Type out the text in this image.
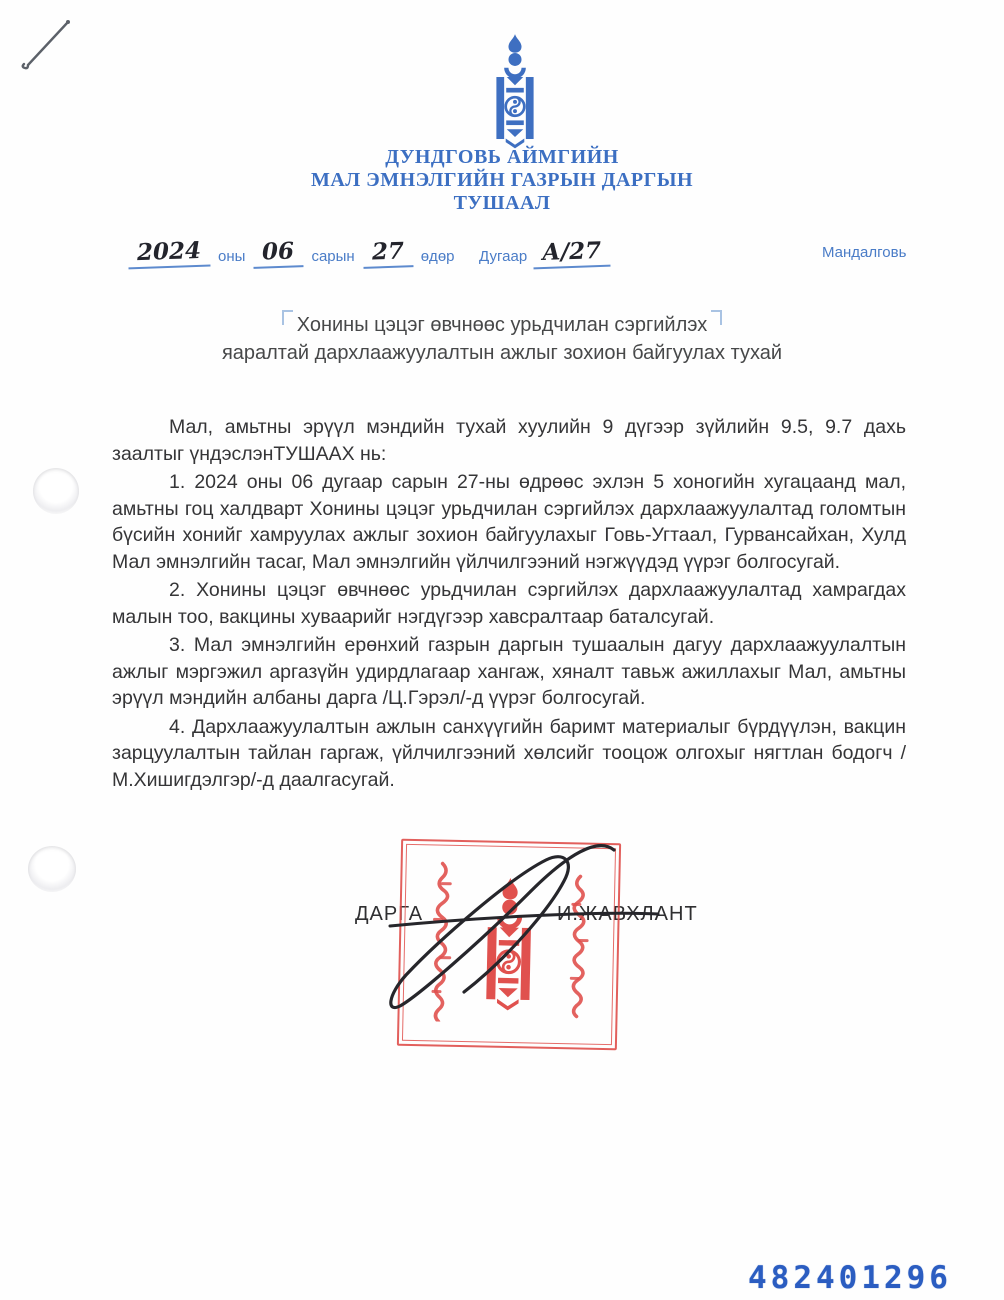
ДУНДГОВЬ АЙМГИЙН
МАЛ ЭМНЭЛГИЙН ГАЗРЫН ДАРГЫН
ТУШААЛ
2024	оны 06	сарын 27	өдөр Дугаар А/27	Мандалговь
Хонины цэцэг өвчнөөс урьдчилан сэргийлэх
яаралтай дархлаажуулалтын ажлыг зохион байгуулах тухай

Мал, амьтны эрүүл мэндийн тухай хуулийн 9 дүгээр зүйлийн 9.5, 9.7 дахь заалтыг үндэслэнТУШААХ нь:

1. 2024 оны 06 дугаар сарын 27-ны өдрөөс эхлэн 5 хоногийн хугацаанд мал, амьтны гоц халдварт Хонины цэцэг урьдчилан сэргийлэх дархлаажуулалтад голомтын бүсийн хонийг хамруулах ажлыг зохион байгуулахыг Говь-Угтаал, Гурвансайхан, Хулд Мал эмнэлгийн тасаг, Мал эмнэлгийн үйлчилгээний нэгжүүдэд үүрэг болгосугай.

2. Хонины цэцэг өвчнөөс урьдчилан сэргийлэх дархлаажуулалтад хамрагдах малын тоо, вакцины хуваарийг нэгдүгээр хавсралтаар баталсугай.

3. Мал эмнэлгийн ерөнхий газрын даргын тушаалын дагуу дархлаажуулалтын ажлыг мэргэжил аргазүйн удирдлагаар хангаж, хяналт тавьж ажиллахыг Мал, амьтны эрүүл мэндийн албаны дарга /Ц.Гэрэл/-д үүрэг болгосугай.

4. Дархлаажуулалтын ажлын санхүүгийн баримт материалыг бүрдүүлэн, вакцин зарцуулалтын тайлан гаргаж, үйлчилгээний хөлсийг тооцож олгохыг нягтлан бодогч /М.Хишигдэлгэр/-д даалгасугай.

ДАРГА	И.ЖАВХЛАНТ
482401296
